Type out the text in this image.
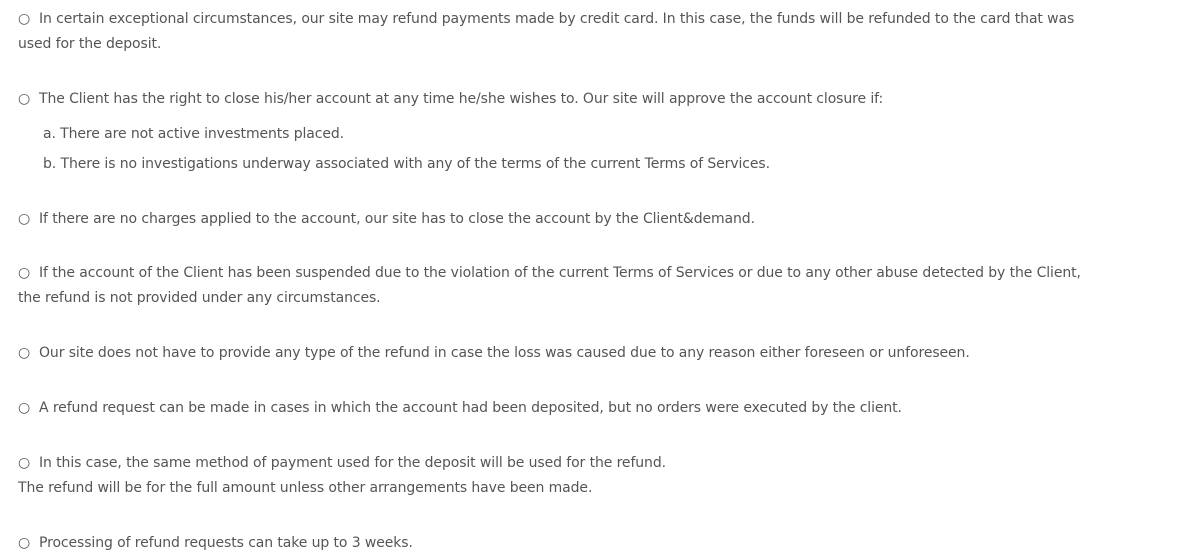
○ In certain exceptional circumstances, our site may refund payments made by credit card. In this case, the funds will be refunded to the card that was
used for the deposit.
○ The Client has the right to close his/her account at any time he/she wishes to. Our site will approve the account closure if:
a. There are not active investments placed.
b. There is no investigations underway associated with any of the terms of the current Terms of Services.
○ If there are no charges applied to the account, our site has to close the account by the Client&demand.
○ If the account of the Client has been suspended due to the violation of the current Terms of Services or due to any other abuse detected by the Client,
the refund is not provided under any circumstances.
○ Our site does not have to provide any type of the refund in case the loss was caused due to any reason either foreseen or unforeseen.
○ A refund request can be made in cases in which the account had been deposited, but no orders were executed by the client.
○ In this case, the same method of payment used for the deposit will be used for the refund.
The refund will be for the full amount unless other arrangements have been made.
○ Processing of refund requests can take up to 3 weeks.
